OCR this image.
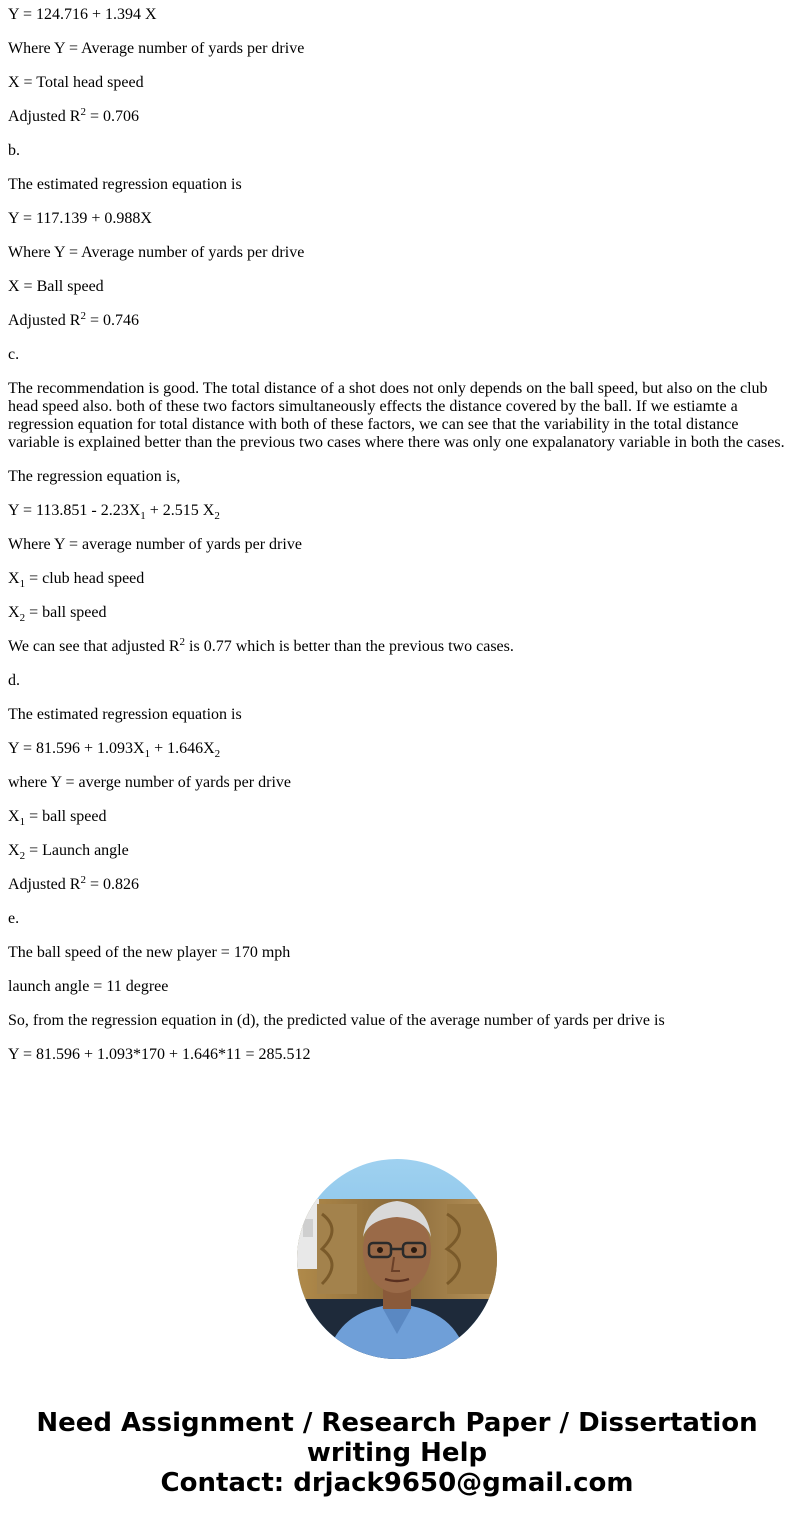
Y = 124.716 + 1.394 X

Where Y = Average number of yards per drive

X = Total head speed

Adjusted $R^2 = 0.706$

b.

The estimated regression equation is

Y = 117.139 + 0.988X

Where Y = Average number of yards per drive

X = Ball speed

Adjusted $R^2 = 0.746$

c.

The recommendation is good. The total distance of a shot does not only depends on the ball speed, but also on the club head speed also. both of these two factors simultaneously effects the distance covered by the ball. If we estiamte a regression equation for total distance with both of these factors, we can see that the variability in the total distance variable is explained better than the previous two cases where there was only one expalanatory variable in both the cases.

The regression equation is,

$Y = 113.851 - 2.23X_1 + 2.515$ $X_2$

Where Y = average number of yards per drive

$X_1$ = club head speed

$X_2$ = ball speed

We can see that adjusted $R^2$ is 0.77 which is better than the previous two cases.

d.

The estimated regression equation is

$Y = 81.596 + 1.093X_1 + 1.646X_2$

where Y = averge number of yards per drive

$X_1$ = ball speed

$X_2$ = Launch angle

Adjusted $R^2 = 0.826$

e.

The ball speed of the new player = 170 mph

launch angle = 11 degree

So, from the regression equation in (d), the predicted value of the average number of yards per drive is

Y = 81.596 + 1.093*170 + 1.646*11 = 285.512

Need Assignment / Research Paper / Dissertation
writing Help
Contact: drjack9650@gmail.com
